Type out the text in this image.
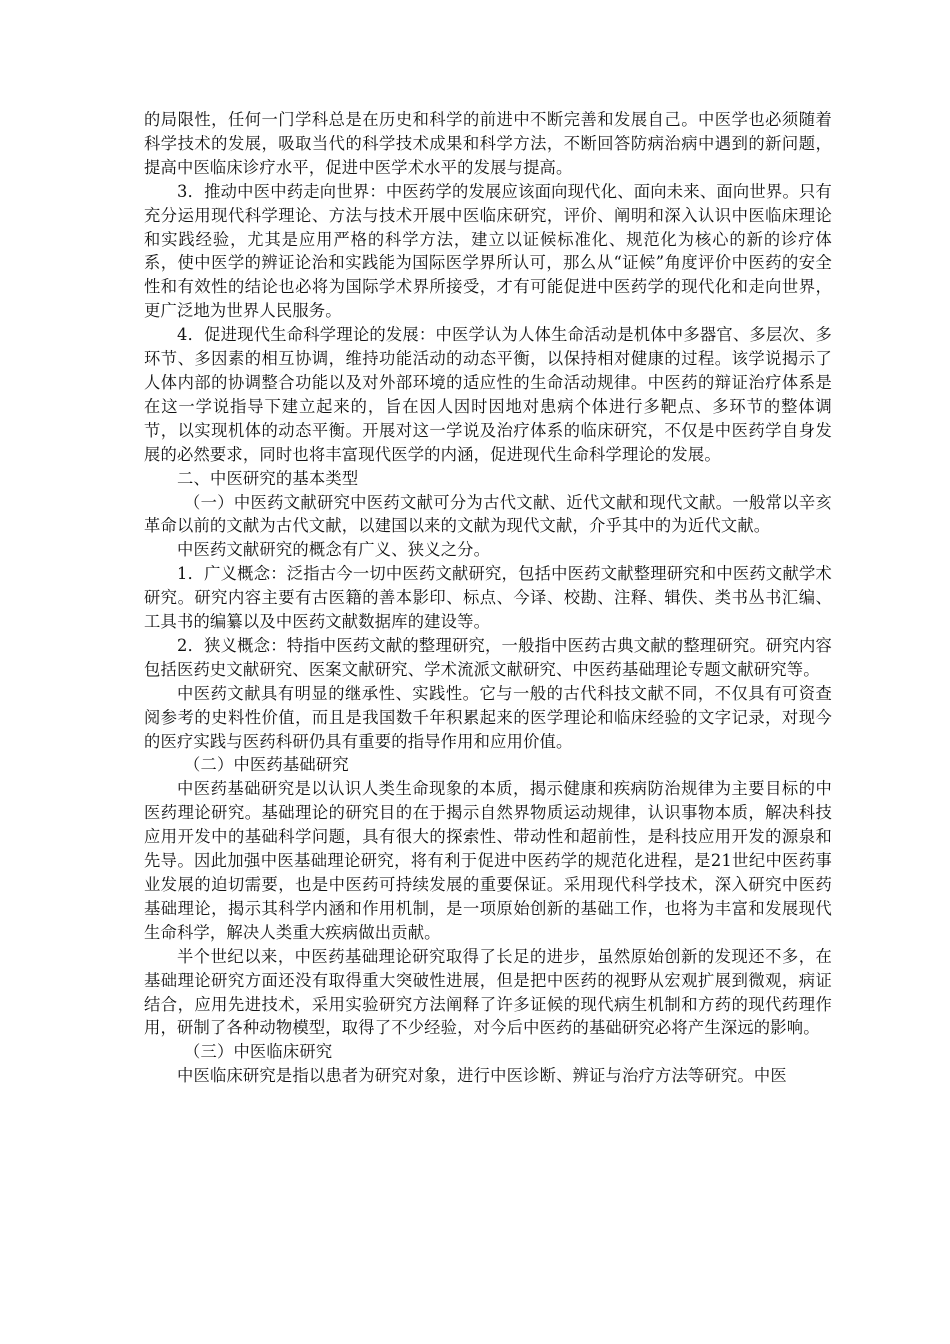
的局限性，任何一门学科总是在历史和科学的前进中不断完善和发展自己。中医学也必须随着科学技术的发展，吸取当代的科学技术成果和科学方法，不断回答防病治病中遇到的新问题，提高中医临床诊疗水平，促进中医学术水平的发展与提高。

3．推动中医中药走向世界：中医药学的发展应该面向现代化、面向未来、面向世界。只有充分运用现代科学理论、方法与技术开展中医临床研究，评价、阐明和深入认识中医临床理论和实践经验，尤其是应用严格的科学方法，建立以证候标准化、规范化为核心的新的诊疗体系，使中医学的辨证论治和实践能为国际医学界所认可，那么从“证候”角度评价中医药的安全性和有效性的结论也必将为国际学术界所接受，才有可能促进中医药学的现代化和走向世界，更广泛地为世界人民服务。

4．促进现代生命科学理论的发展：中医学认为人体生命活动是机体中多器官、多层次、多环节、多因素的相互协调，维持功能活动的动态平衡，以保持相对健康的过程。该学说揭示了人体内部的协调整合功能以及对外部环境的适应性的生命活动规律。中医药的辩证治疗体系是在这一学说指导下建立起来的，旨在因人因时因地对患病个体进行多靶点、多环节的整体调节，以实现机体的动态平衡。开展对这一学说及治疗体系的临床研究，不仅是中医药学自身发展的必然要求，同时也将丰富现代医学的内涵，促进现代生命科学理论的发展。

二、中医研究的基本类型

（一）中医药文献研究中医药文献可分为古代文献、近代文献和现代文献。一般常以辛亥革命以前的文献为古代文献，以建国以来的文献为现代文献，介乎其中的为近代文献。

中医药文献研究的概念有广义、狭义之分。

1．广义概念：泛指古今一切中医药文献研究，包括中医药文献整理研究和中医药文献学术研究。研究内容主要有古医籍的善本影印、标点、今译、校勘、注释、辑佚、类书丛书汇编、工具书的编纂以及中医药文献数据库的建设等。

2．狭义概念：特指中医药文献的整理研究，一般指中医药古典文献的整理研究。研究内容包括医药史文献研究、医案文献研究、学术流派文献研究、中医药基础理论专题文献研究等。

中医药文献具有明显的继承性、实践性。它与一般的古代科技文献不同，不仅具有可资查阅参考的史料性价值，而且是我国数千年积累起来的医学理论和临床经验的文字记录，对现今的医疗实践与医药科研仍具有重要的指导作用和应用价值。

（二）中医药基础研究

中医药基础研究是以认识人类生命现象的本质，揭示健康和疾病防治规律为主要目标的中医药理论研究。基础理论的研究目的在于揭示自然界物质运动规律，认识事物本质，解决科技应用开发中的基础科学问题，具有很大的探索性、带动性和超前性，是科技应用开发的源泉和先导。因此加强中医基础理论研究，将有利于促进中医药学的规范化进程，是21世纪中医药事业发展的迫切需要，也是中医药可持续发展的重要保证。采用现代科学技术，深入研究中医药基础理论，揭示其科学内涵和作用机制，是一项原始创新的基础工作，也将为丰富和发展现代生命科学，解决人类重大疾病做出贡献。

半个世纪以来，中医药基础理论研究取得了长足的进步，虽然原始创新的发现还不多，在基础理论研究方面还没有取得重大突破性进展，但是把中医药的视野从宏观扩展到微观，病证结合，应用先进技术，采用实验研究方法阐释了许多证候的现代病生机制和方药的现代药理作用，研制了各种动物模型，取得了不少经验，对今后中医药的基础研究必将产生深远的影响。

（三）中医临床研究

中医临床研究是指以患者为研究对象，进行中医诊断、辨证与治疗方法等研究。中医
